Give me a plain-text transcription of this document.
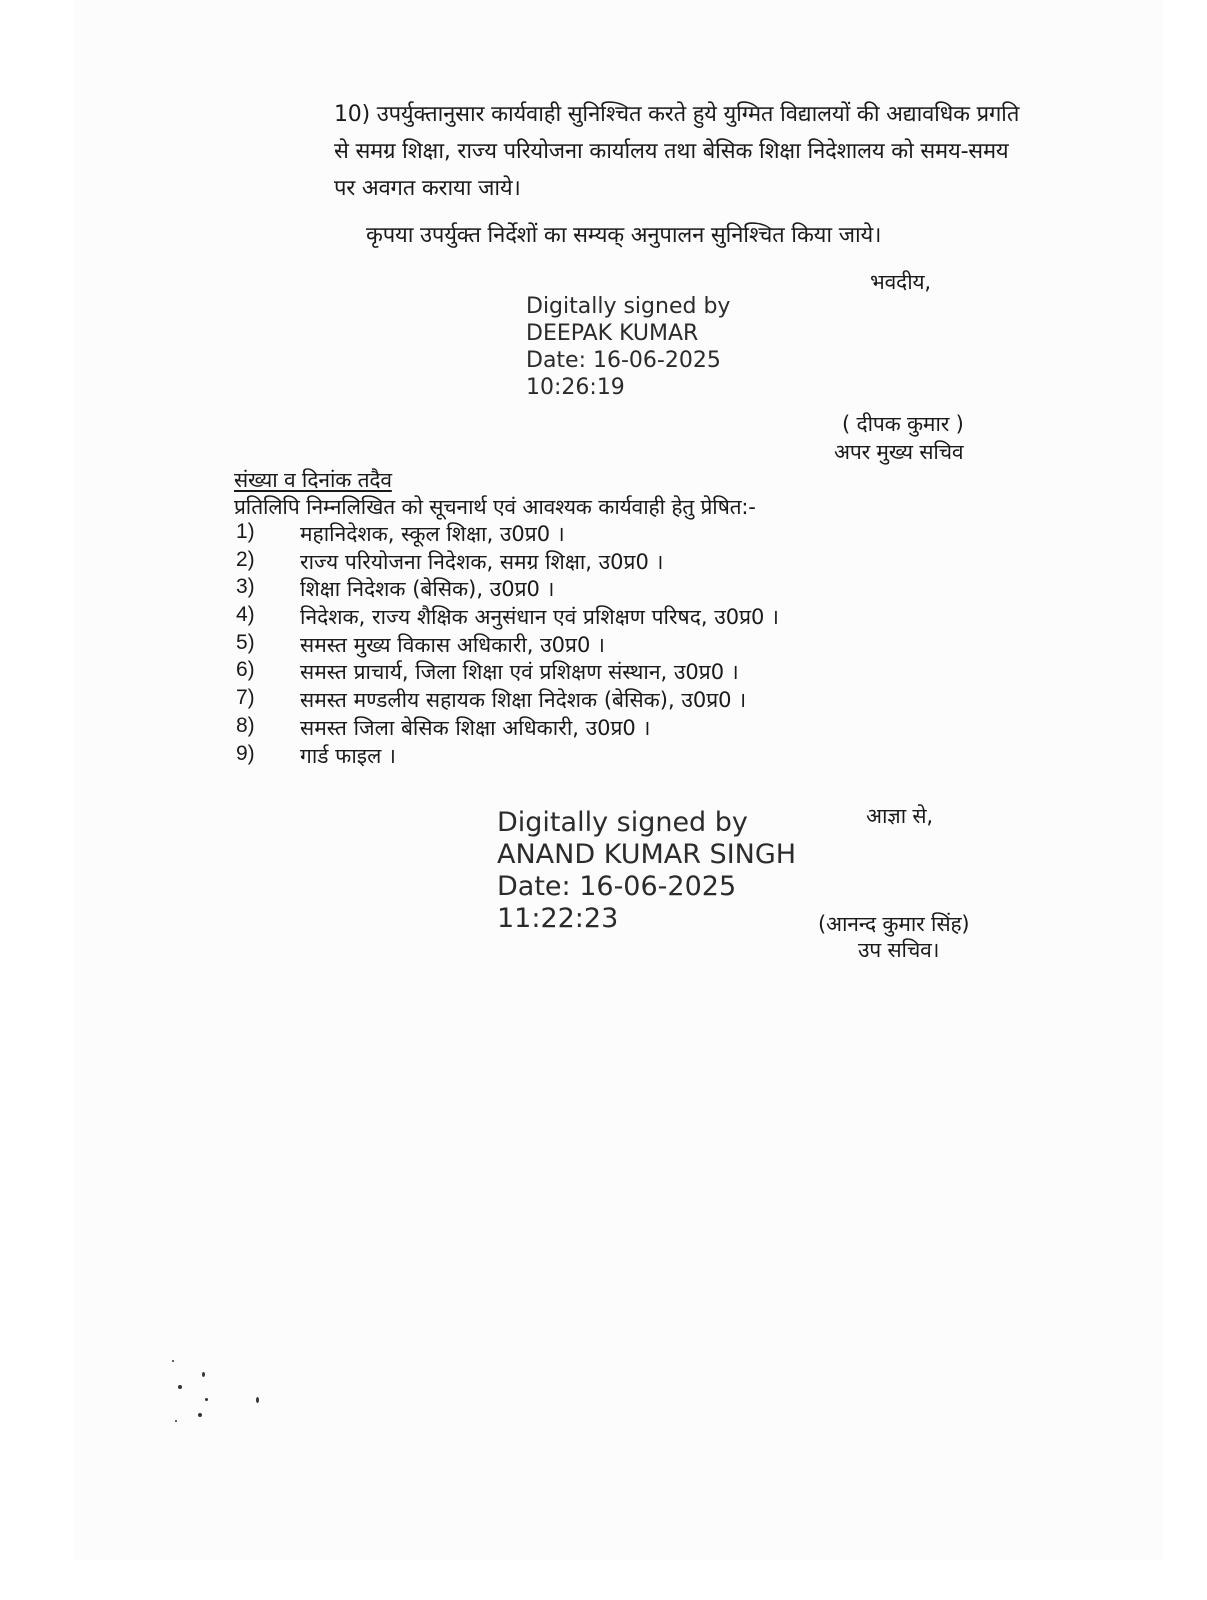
10) उपर्युक्तानुसार कार्यवाही सुनिश्चित करते हुये युग्मित विद्यालयों की अद्यावधिक प्रगति
से समग्र शिक्षा, राज्य परियोजना कार्यालय तथा बेसिक शिक्षा निदेशालय को समय-समय
पर अवगत कराया जाये।
कृपया उपर्युक्त निर्देशों का सम्यक् अनुपालन सुनिश्चित किया जाये।
भवदीय,
Digitally signed by
DEEPAK KUMAR
Date: 16-06-2025
10:26:19
( दीपक कुमार )
अपर मुख्य सचिव
संख्या व दिनांक तदैव
प्रतिलिपि निम्नलिखित को सूचनार्थ एवं आवश्यक कार्यवाही हेतु प्रेषित:-
1)	महानिदेशक, स्कूल शिक्षा, उ0प्र0 ।
2)	राज्य परियोजना निदेशक, समग्र शिक्षा, उ0प्र0 ।
3)	शिक्षा निदेशक (बेसिक), उ0प्र0 ।
4)	निदेशक, राज्य शैक्षिक अनुसंधान एवं प्रशिक्षण परिषद, उ0प्र0 ।
5)	समस्त मुख्य विकास अधिकारी, उ0प्र0 ।
6)	समस्त प्राचार्य, जिला शिक्षा एवं प्रशिक्षण संस्थान, उ0प्र0 ।
7)	समस्त मण्डलीय सहायक शिक्षा निदेशक (बेसिक), उ0प्र0 ।
8)	समस्त जिला बेसिक शिक्षा अधिकारी, उ0प्र0 ।
9)	गार्ड फाइल ।
आज्ञा से,
Digitally signed by
ANAND KUMAR SINGH
Date: 16-06-2025
11:22:23	(आनन्द कुमार सिंह)
उप सचिव।
